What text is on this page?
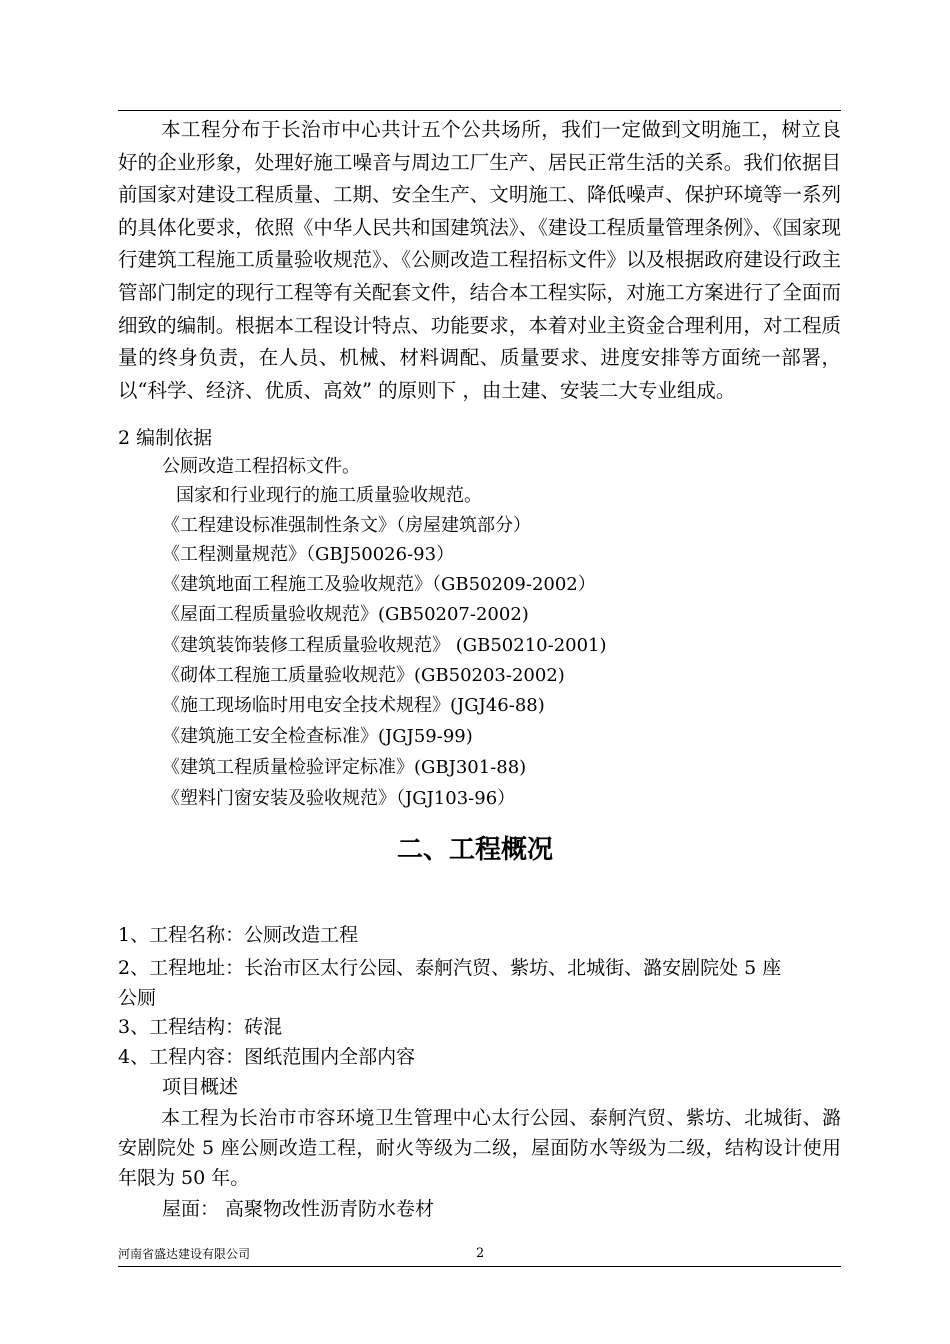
本工程分布于长治市中心共计五个公共场所，我们一定做到文明施工，树立良好的企业形象，处理好施工噪音与周边工厂生产、居民正常生活的关系。我们依据目前国家对建设工程质量、工期、安全生产、文明施工、降低噪声、保护环境等一系列的具体化要求，依照《中华人民共和国建筑法》、《建设工程质量管理条例》、《国家现行建筑工程施工质量验收规范》、《公厕改造工程招标文件》以及根据政府建设行政主管部门制定的现行工程等有关配套文件，结合本工程实际，对施工方案进行了全面而细致的编制。根据本工程设计特点、功能要求，本着对业主资金合理利用，对工程质量的终身负责，在人员、机械、材料调配、质量要求、进度安排等方面统一部署，以“科学、经济、优质、高效” 的原则下 ，由土建、安装二大专业组成。
2 编制依据
公厕改造工程招标文件。
国家和行业现行的施工质量验收规范。
《工程建设标准强制性条文》（房屋建筑部分）
《工程测量规范》（GBJ50026-93）
《建筑地面工程施工及验收规范》（GB50209-2002）
《屋面工程质量验收规范》(GB50207-2002)
《建筑装饰装修工程质量验收规范》 (GB50210-2001)
《砌体工程施工质量验收规范》(GB50203-2002)
《施工现场临时用电安全技术规程》(JGJ46-88)
《建筑施工安全检查标准》(JGJ59-99)
《建筑工程质量检验评定标准》(GBJ301-88)
《塑料门窗安装及验收规范》（JGJ103-96）
二、工程概况
1、工程名称：公厕改造工程
2、工程地址：长治市区太行公园、泰舸汽贸、紫坊、北城街、潞安剧院处 5 座
公厕
3、工程结构：砖混
4、工程内容：图纸范围内全部内容
项目概述
本工程为长治市市容环境卫生管理中心太行公园、泰舸汽贸、紫坊、北城街、潞安剧院处 5 座公厕改造工程，耐火等级为二级，屋面防水等级为二级，结构设计使用年限为 50 年。
屋面： 高聚物改性沥青防水卷材
河南省盛达建设有限公司	2
